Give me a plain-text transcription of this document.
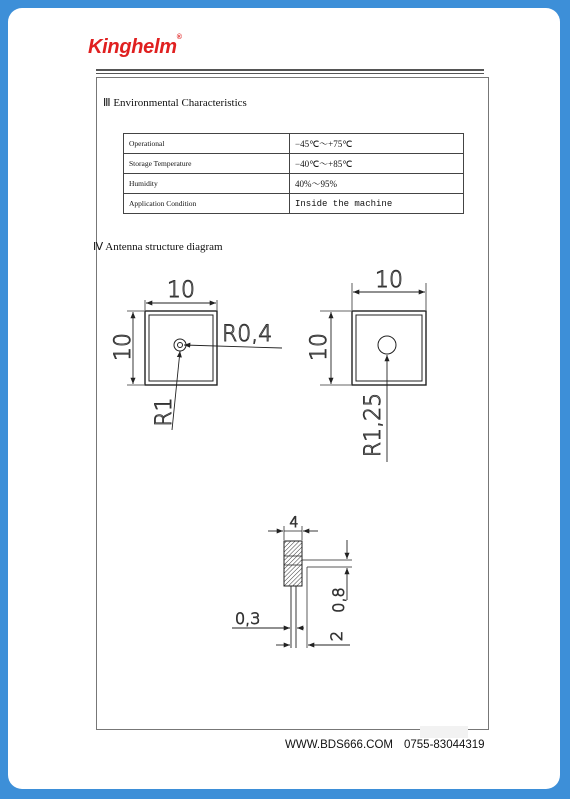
Kinghelm®
Ⅲ Environmental Characteristics
Operational	−45℃～+75℃
Storage Temperature	−40℃～+85℃
Humidity	40%～95%
Application Condition	Inside the machine
Ⅳ Antenna structure diagram
10
10	R0,4
R1
10
10
R1,25
4
0,8
0,3
2
WWW.BDS666.COM 0755-83044319
